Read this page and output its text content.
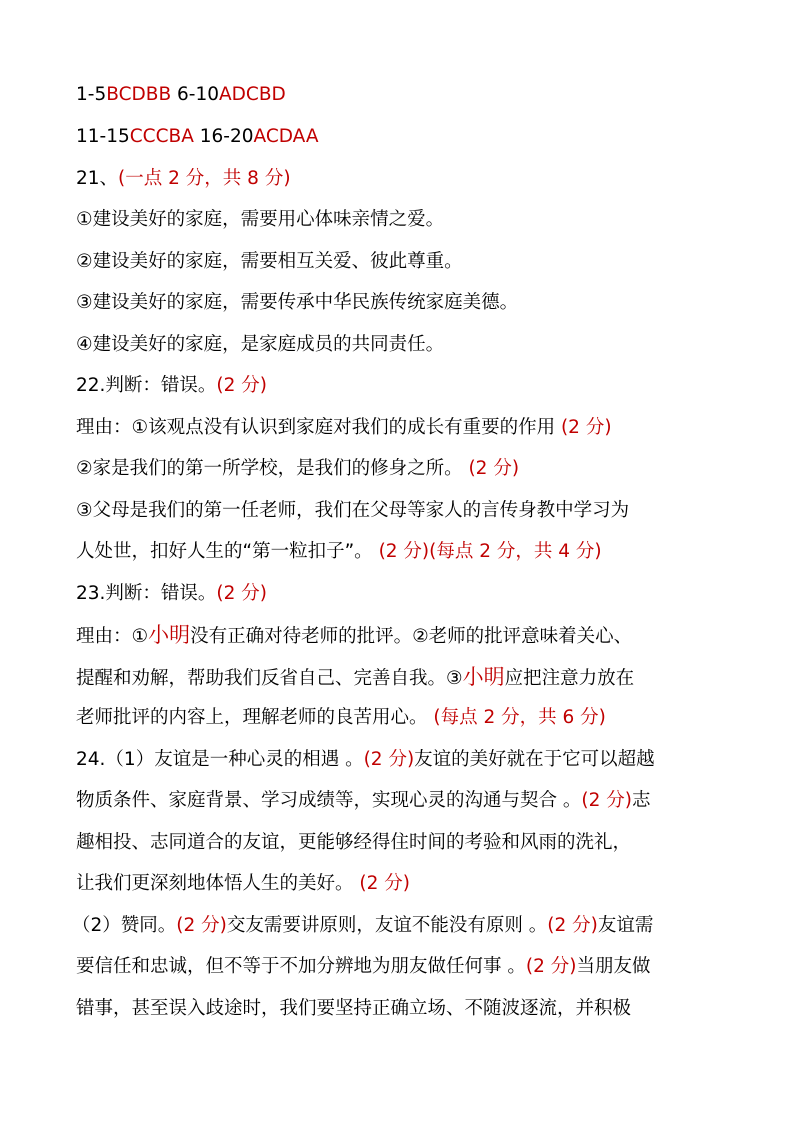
1-5BCDBB 6-10ADCBD
11-15CCCBA 16-20ACDAA
21、(一点 2 分，共 8 分)
①建设美好的家庭，需要用心体味亲情之爱。
②建设美好的家庭，需要相互关爱、彼此尊重。
③建设美好的家庭，需要传承中华民族传统家庭美德。
④建设美好的家庭，是家庭成员的共同责任。
22.判断：错误。(2 分)
理由：①该观点没有认识到家庭对我们的成长有重要的作用 (2 分)
②家是我们的第一所学校，是我们的修身之所。 (2 分)
③父母是我们的第一任老师，我们在父母等家人的言传身教中学习为
人处世，扣好人生的“第一粒扣子”。 (2 分)(每点 2 分，共 4 分)
23.判断：错误。(2 分)
理由：①小明没有正确对待老师的批评。②老师的批评意味着关心、
提醒和劝解，帮助我们反省自己、完善自我。③小明应把注意力放在
老师批评的内容上，理解老师的良苦用心。 (每点 2 分，共 6 分)
24.（1）友谊是一种心灵的相遇 。(2 分)友谊的美好就在于它可以超越
物质条件、家庭背景、学习成绩等，实现心灵的沟通与契合 。(2 分)志
趣相投、志同道合的友谊，更能够经得住时间的考验和风雨的洗礼，
让我们更深刻地体悟人生的美好。 (2 分)
（2）赞同。(2 分)交友需要讲原则，友谊不能没有原则 。(2 分)友谊需
要信任和忠诚，但不等于不加分辨地为朋友做任何事 。(2 分)当朋友做
错事，甚至误入歧途时，我们要坚持正确立场、不随波逐流，并积极
